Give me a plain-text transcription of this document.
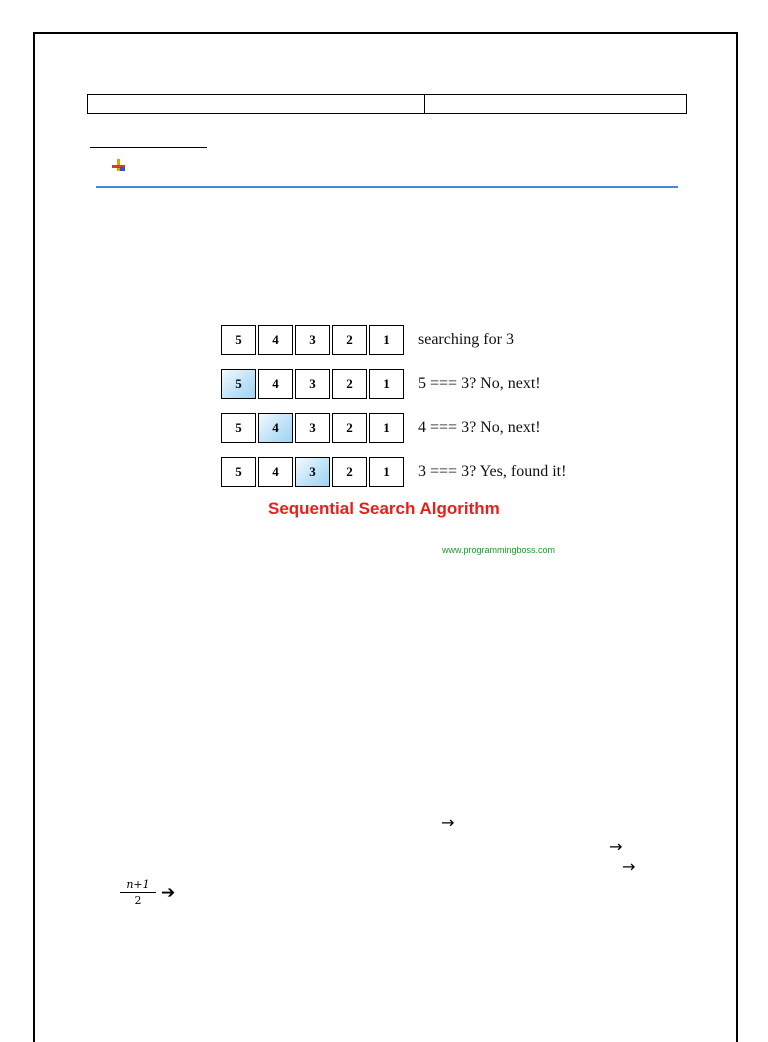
5	4	3	2	1	searching for 3
5	4	3	2	1	5 === 3? No, next!
5	4	3	2	1	4 === 3? No, next!
5	4	3	2	1	3 === 3? Yes, found it!
Sequential Search Algorithm
www.programmingboss.com
→
→
→
$\frac{n+1}{2}$ ➔
